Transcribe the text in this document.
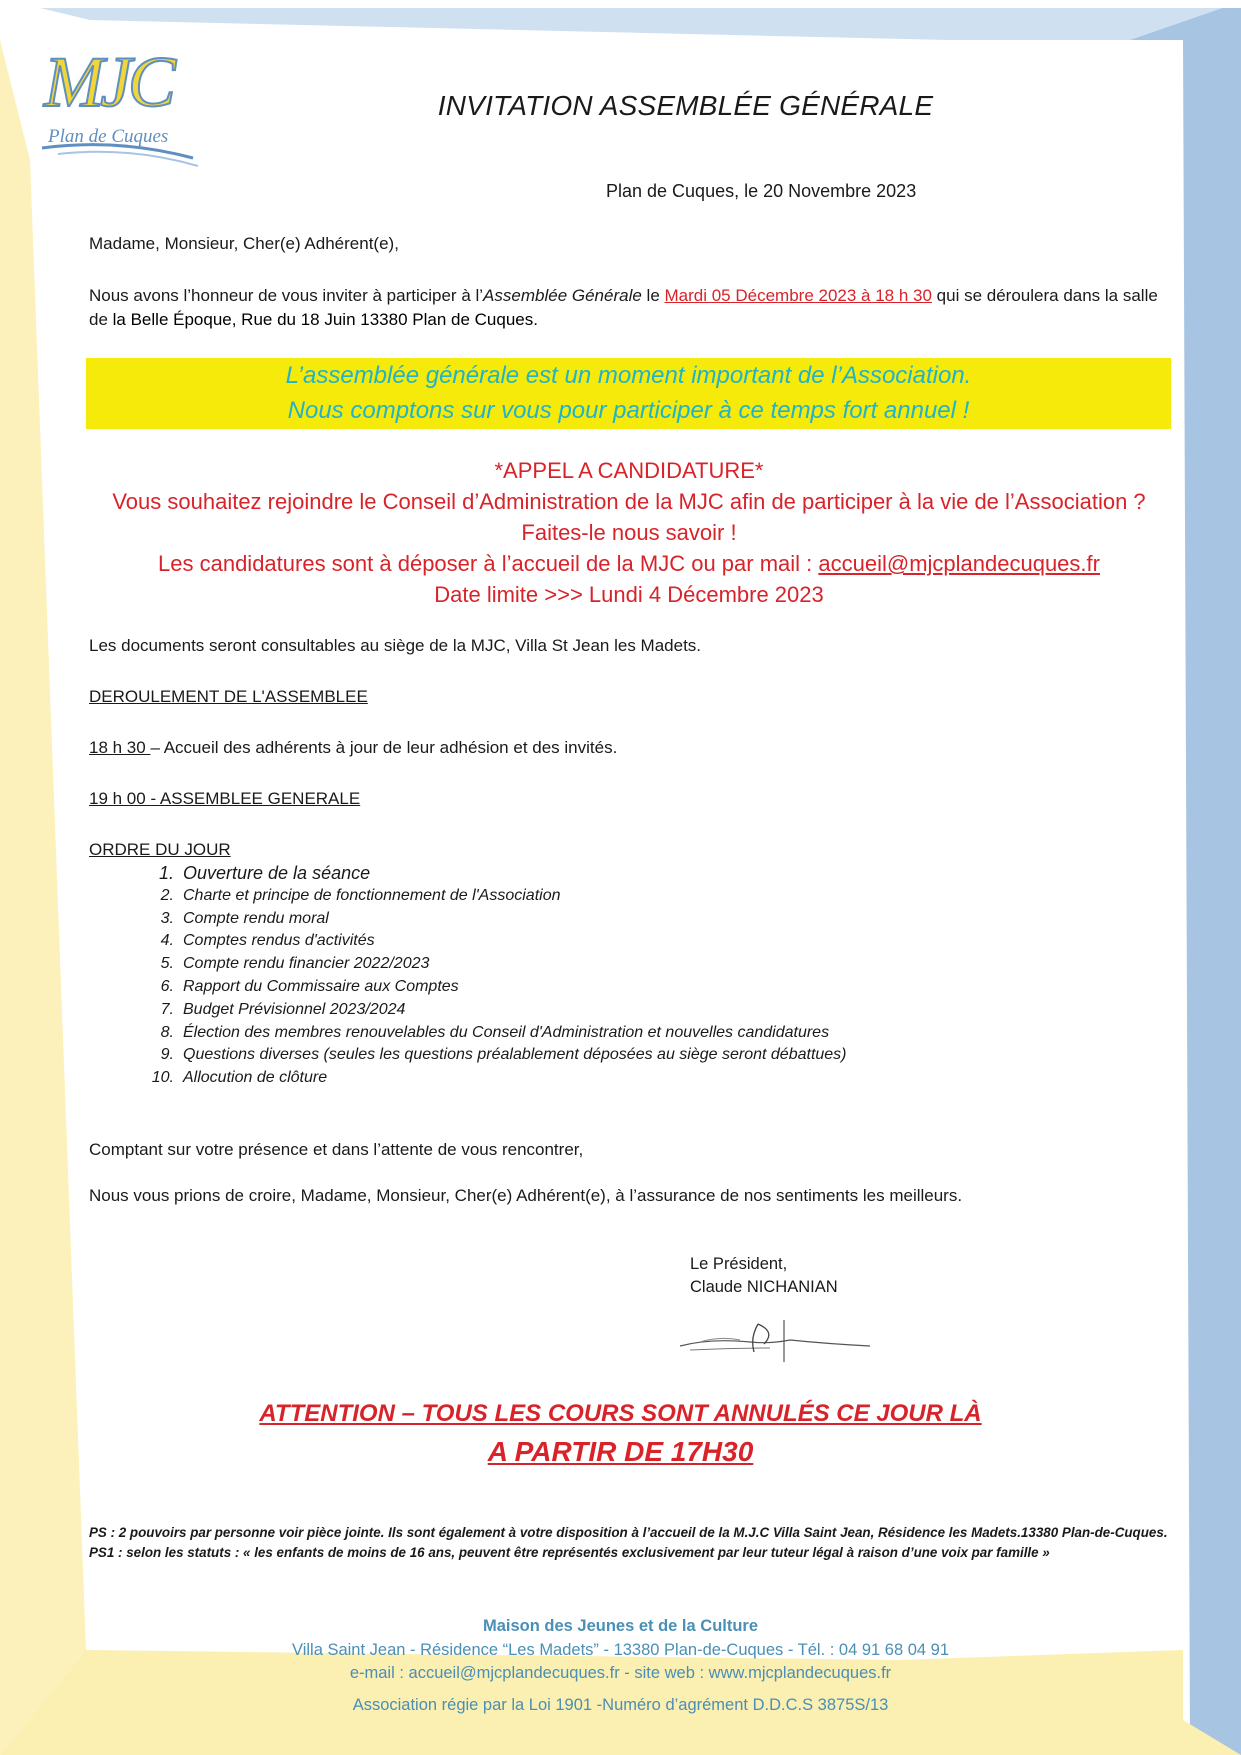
MJC
Plan de Cuques
INVITATION ASSEMBLÉE GÉNÉRALE
Plan de Cuques, le 20 Novembre 2023
Madame, Monsieur, Cher(e) Adhérent(e),
Nous avons l’honneur de vous inviter à participer à l’Assemblée Générale le Mardi 05 Décembre 2023 à 18 h 30 qui se déroulera dans la salle de la Belle Époque, Rue du 18 Juin 13380 Plan de Cuques.
L’assemblée générale est un moment important de l’Association.
Nous comptons sur vous pour participer à ce temps fort annuel !
*APPEL A CANDIDATURE*
Vous souhaitez rejoindre le Conseil d’Administration de la MJC afin de participer à la vie de l’Association ?
Faites-le nous savoir !
Les candidatures sont à déposer à l’accueil de la MJC ou par mail : accueil@mjcplandecuques.fr
Date limite >>> Lundi 4 Décembre 2023
Les documents seront consultables au siège de la MJC, Villa St Jean les Madets.
DEROULEMENT DE L'ASSEMBLEE
18 h 30 – Accueil des adhérents à jour de leur adhésion et des invités.
19 h 00 - ASSEMBLEE GENERALE
ORDRE DU JOUR
1. Ouverture de la séance
2. Charte et principe de fonctionnement de l'Association
3. Compte rendu moral
4. Comptes rendus d'activités
5. Compte rendu financier 2022/2023
6. Rapport du Commissaire aux Comptes
7. Budget Prévisionnel 2023/2024
8. Élection des membres renouvelables du Conseil d'Administration et nouvelles candidatures
9. Questions diverses (seules les questions préalablement déposées au siège seront débattues)
10. Allocution de clôture
Comptant sur votre présence et dans l’attente de vous rencontrer,
Nous vous prions de croire, Madame, Monsieur, Cher(e) Adhérent(e), à l’assurance de nos sentiments les meilleurs.
Le Président,
Claude NICHANIAN
ATTENTION – TOUS LES COURS SONT ANNULÉS CE JOUR LÀ
A PARTIR DE 17H30
PS : 2 pouvoirs par personne voir pièce jointe. Ils sont également à votre disposition à l’accueil de la M.J.C Villa Saint Jean, Résidence les Madets.13380 Plan-de-Cuques.
PS1 : selon les statuts : « les enfants de moins de 16 ans, peuvent être représentés exclusivement par leur tuteur légal à raison d’une voix par famille »
Maison des Jeunes et de la Culture
Villa Saint Jean - Résidence “Les Madets” - 13380 Plan-de-Cuques - Tél. : 04 91 68 04 91
e-mail : accueil@mjcplandecuques.fr - site web : www.mjcplandecuques.fr
Association régie par la Loi 1901 -Numéro d’agrément D.D.C.S 3875S/13
